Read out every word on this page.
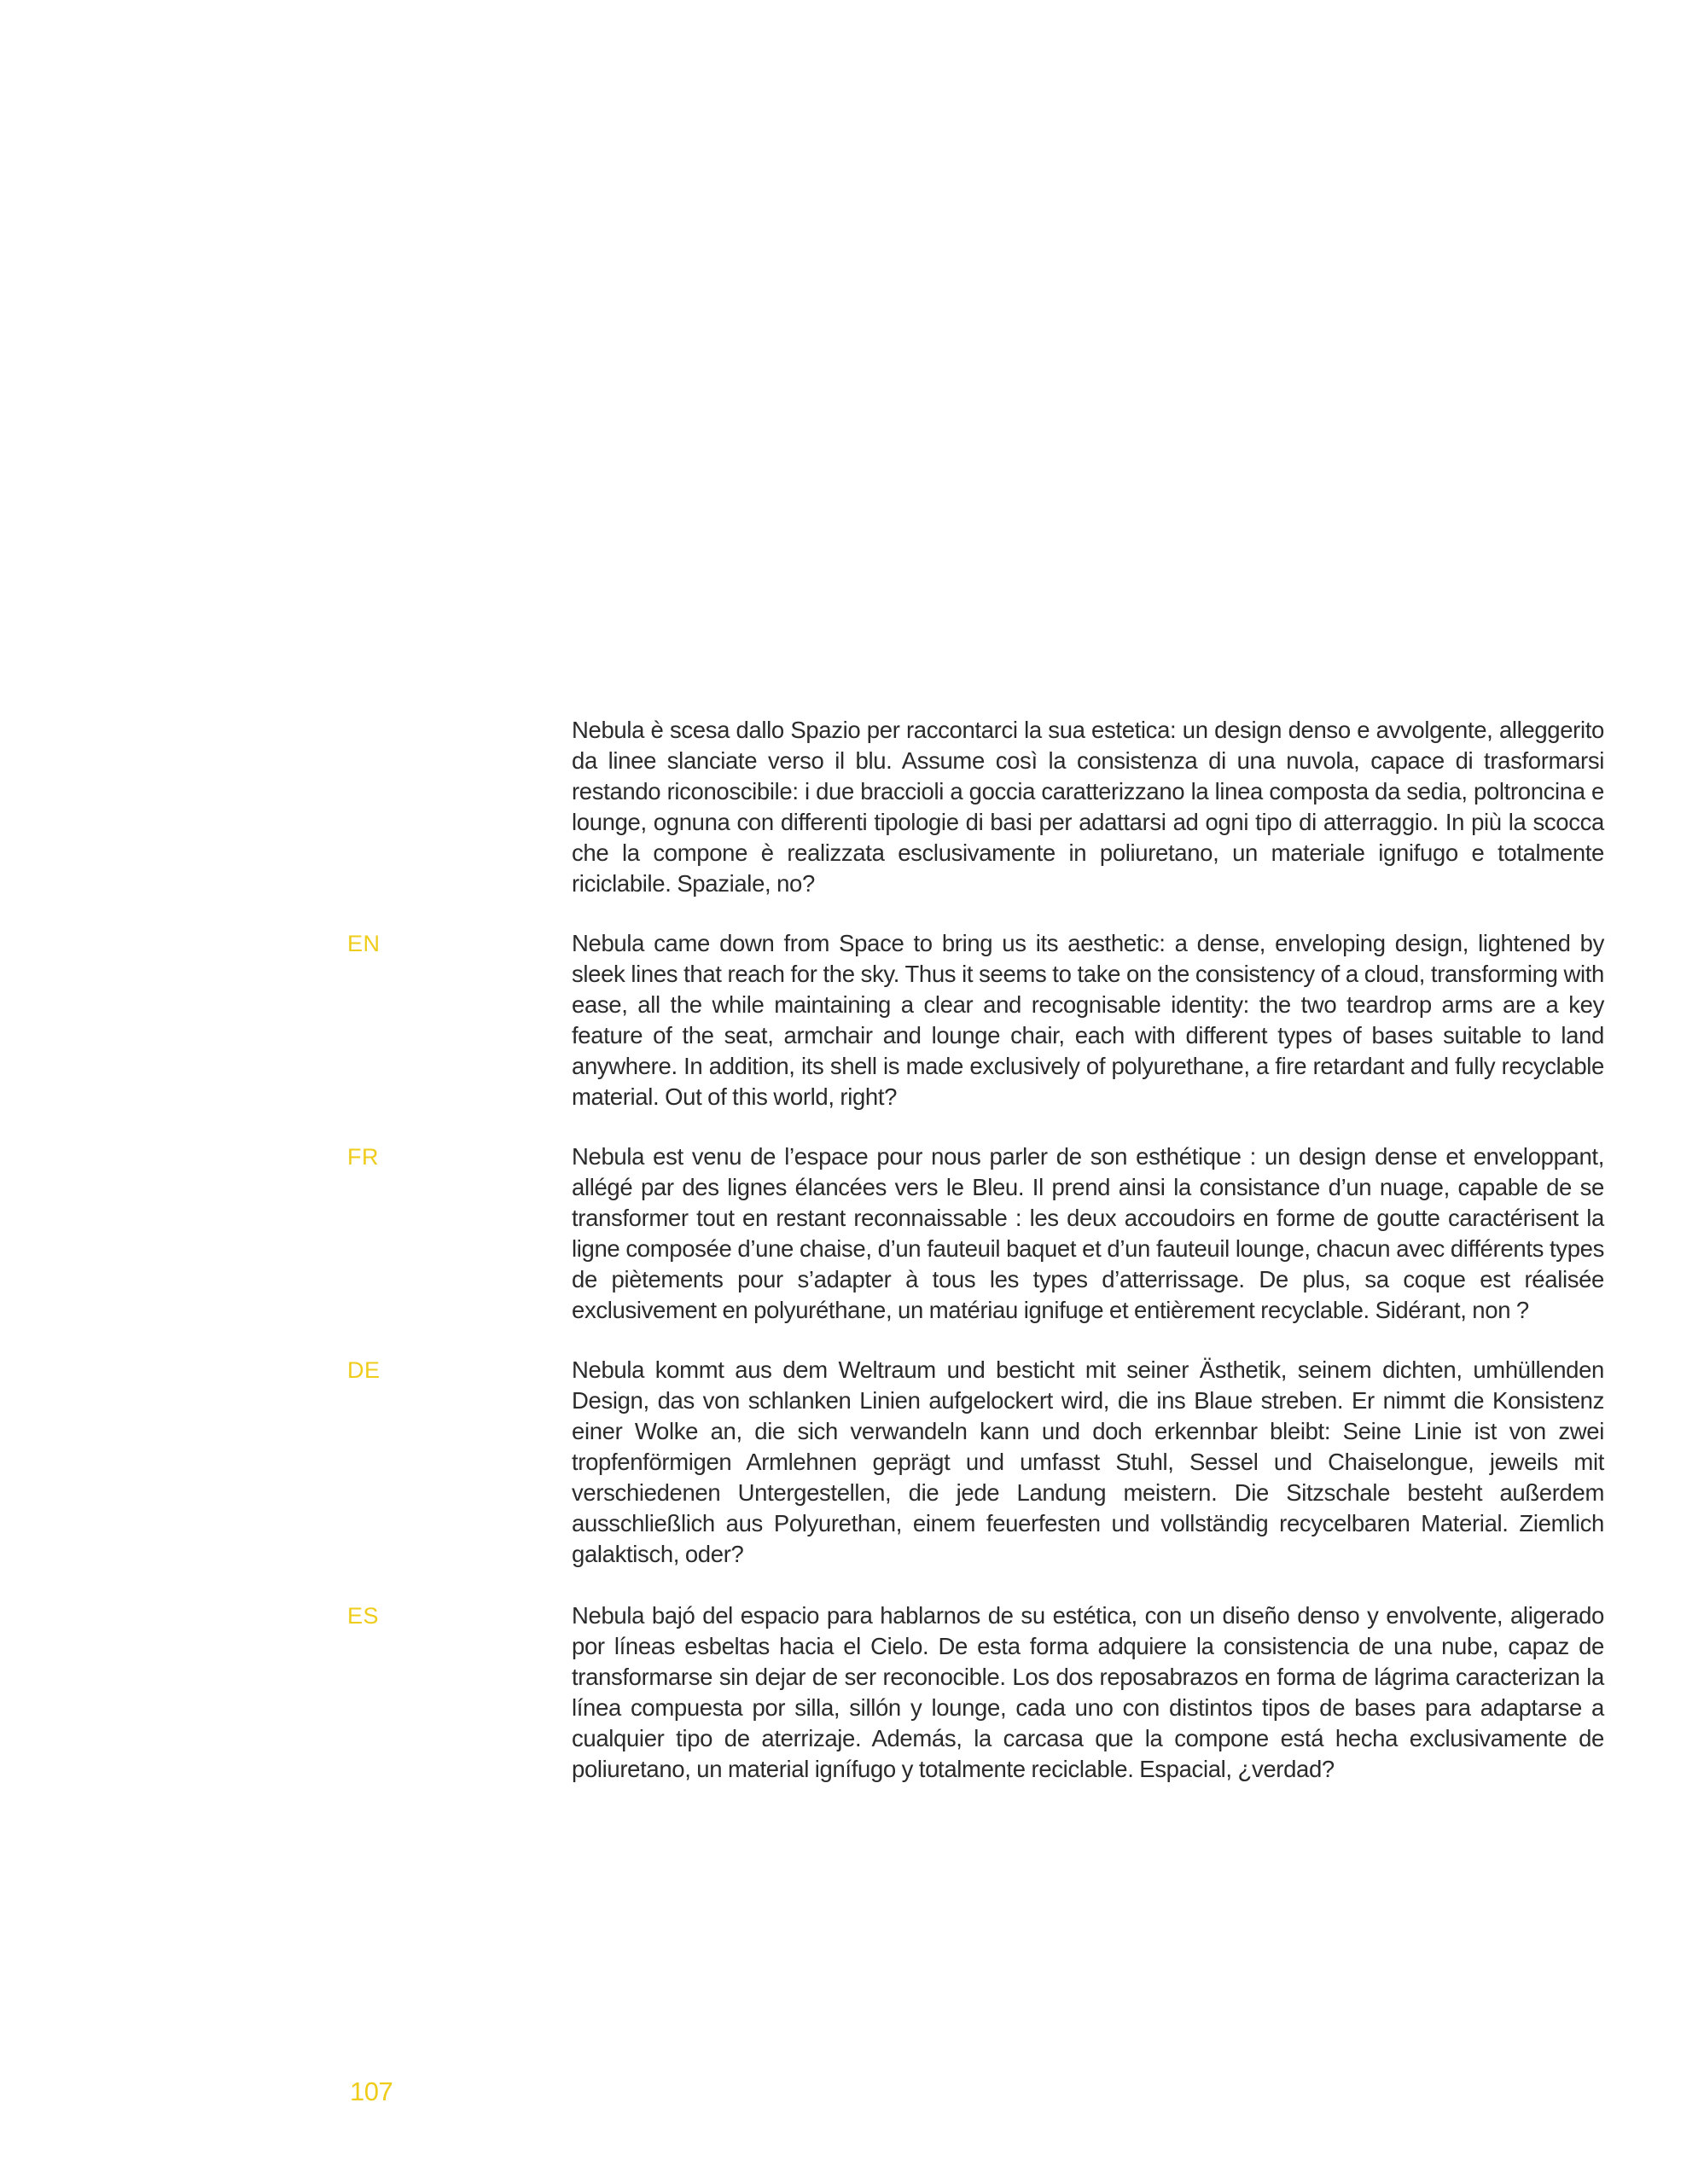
Nebula è scesa dallo Spazio per raccontarci la sua estetica: un design denso e avvolgente, alleggerito da linee slanciate verso il blu. Assume così la consistenza di una nuvola, capace di trasformarsi restando riconoscibile: i due braccioli a goccia caratterizzano la linea composta da sedia, poltroncina e lounge, ognuna con differenti tipologie di basi per adattarsi ad ogni tipo di atterraggio. In più la scocca che la compone è realizzata esclusivamente in poliuretano, un materiale ignifugo e totalmente riciclabile. Spaziale, no?

EN	Nebula came down from Space to bring us its aesthetic: a dense, enveloping design, lightened by sleek lines that reach for the sky. Thus it seems to take on the consistency of a cloud, transforming with ease, all the while maintaining a clear and recognisable identity: the two teardrop arms are a key feature of the seat, armchair and lounge chair, each with different types of bases suitable to land anywhere. In addition, its shell is made exclusively of polyurethane, a fire retardant and fully recyclable material. Out of this world, right?

FR	Nebula est venu de l’espace pour nous parler de son esthétique : un design dense et enveloppant, allégé par des lignes élancées vers le Bleu. Il prend ainsi la consistance d’un nuage, capable de se transformer tout en restant reconnaissable : les deux accoudoirs en forme de goutte caractérisent la ligne composée d’une chaise, d’un fauteuil baquet et d’un fauteuil lounge, chacun avec différents types de piètements pour s’adapter à tous les types d’atterrissage. De plus, sa coque est réalisée exclusivement en polyuréthane, un matériau ignifuge et entièrement recyclable. Sidérant, non ?

DE	Nebula kommt aus dem Weltraum und besticht mit seiner Ästhetik, seinem dichten, umhüllenden Design, das von schlanken Linien aufgelockert wird, die ins Blaue streben. Er nimmt die Konsistenz einer Wolke an, die sich verwandeln kann und doch erkennbar bleibt: Seine Linie ist von zwei tropfenförmigen Armlehnen geprägt und umfasst Stuhl, Sessel und Chaiselongue, jeweils mit verschiedenen Untergestellen, die jede Landung meistern. Die Sitzschale besteht außerdem ausschließlich aus Polyurethan, einem feuerfesten und vollständig recycelbaren Material. Ziemlich galaktisch, oder?

ES	Nebula bajó del espacio para hablarnos de su estética, con un diseño denso y envolvente, aligerado por líneas esbeltas hacia el Cielo. De esta forma adquiere la consistencia de una nube, capaz de transformarse sin dejar de ser reconocible. Los dos reposabrazos en forma de lágrima caracterizan la línea compuesta por silla, sillón y lounge, cada uno con distintos tipos de bases para adaptarse a cualquier tipo de aterrizaje. Además, la carcasa que la compone está hecha exclusivamente de poliuretano, un material ignífugo y totalmente reciclable. Espacial, ¿verdad?

107
